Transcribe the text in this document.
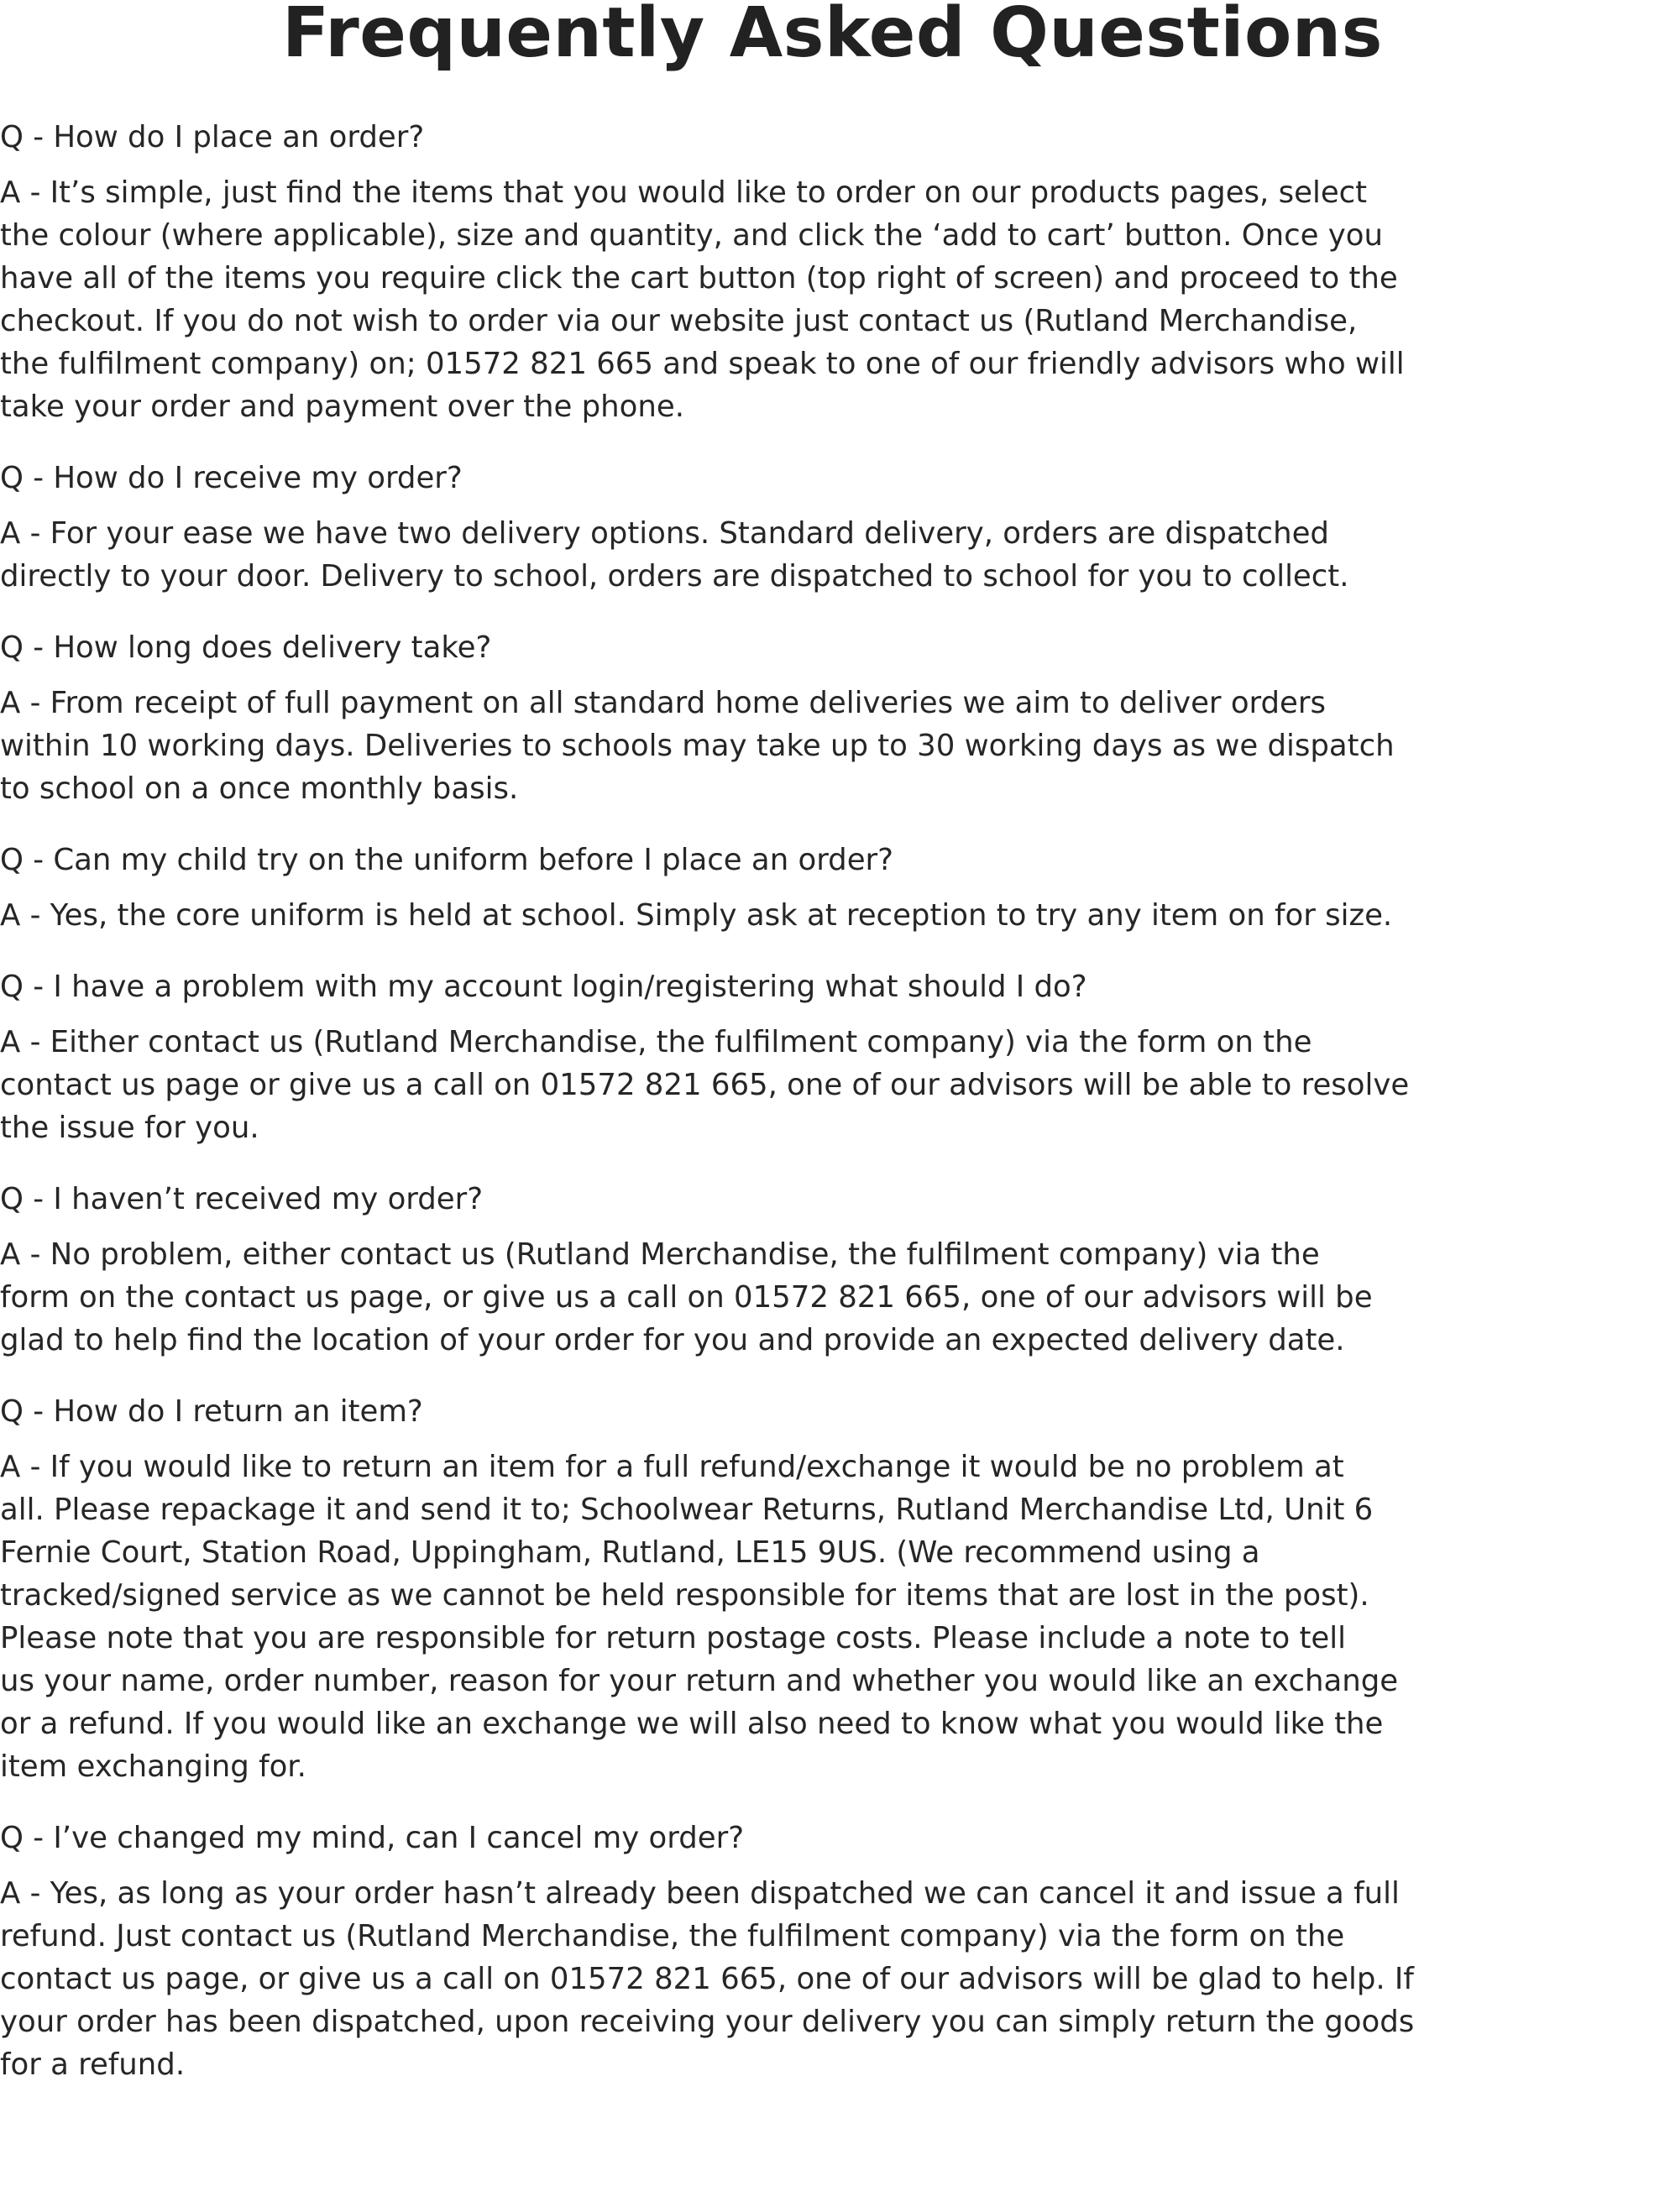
Frequently Asked Questions

Q - How do I place an order?

A - It’s simple, just find the items that you would like to order on our products pages, select
the colour (where applicable), size and quantity, and click the ‘add to cart’ button. Once you
have all of the items you require click the cart button (top right of screen) and proceed to the
checkout. If you do not wish to order via our website just contact us (Rutland Merchandise,
the fulfilment company) on; 01572 821 665 and speak to one of our friendly advisors who will
take your order and payment over the phone.

Q - How do I receive my order?

A - For your ease we have two delivery options. Standard delivery, orders are dispatched
directly to your door. Delivery to school, orders are dispatched to school for you to collect.

Q - How long does delivery take?

A - From receipt of full payment on all standard home deliveries we aim to deliver orders
within 10 working days. Deliveries to schools may take up to 30 working days as we dispatch
to school on a once monthly basis.

Q - Can my child try on the uniform before I place an order?

A - Yes, the core uniform is held at school. Simply ask at reception to try any item on for size.

Q - I have a problem with my account login/registering what should I do?

A - Either contact us (Rutland Merchandise, the fulfilment company) via the form on the
contact us page or give us a call on 01572 821 665, one of our advisors will be able to resolve
the issue for you.

Q - I haven’t received my order?

A - No problem, either contact us (Rutland Merchandise, the fulfilment company) via the
form on the contact us page, or give us a call on 01572 821 665, one of our advisors will be
glad to help find the location of your order for you and provide an expected delivery date.

Q - How do I return an item?

A - If you would like to return an item for a full refund/exchange it would be no problem at
all. Please repackage it and send it to; Schoolwear Returns, Rutland Merchandise Ltd, Unit 6
Fernie Court, Station Road, Uppingham, Rutland, LE15 9US. (We recommend using a
tracked/signed service as we cannot be held responsible for items that are lost in the post).
Please note that you are responsible for return postage costs. Please include a note to tell
us your name, order number, reason for your return and whether you would like an exchange
or a refund. If you would like an exchange we will also need to know what you would like the
item exchanging for.

Q - I’ve changed my mind, can I cancel my order?

A - Yes, as long as your order hasn’t already been dispatched we can cancel it and issue a full
refund. Just contact us (Rutland Merchandise, the fulfilment company) via the form on the
contact us page, or give us a call on 01572 821 665, one of our advisors will be glad to help. If
your order has been dispatched, upon receiving your delivery you can simply return the goods
for a refund.
